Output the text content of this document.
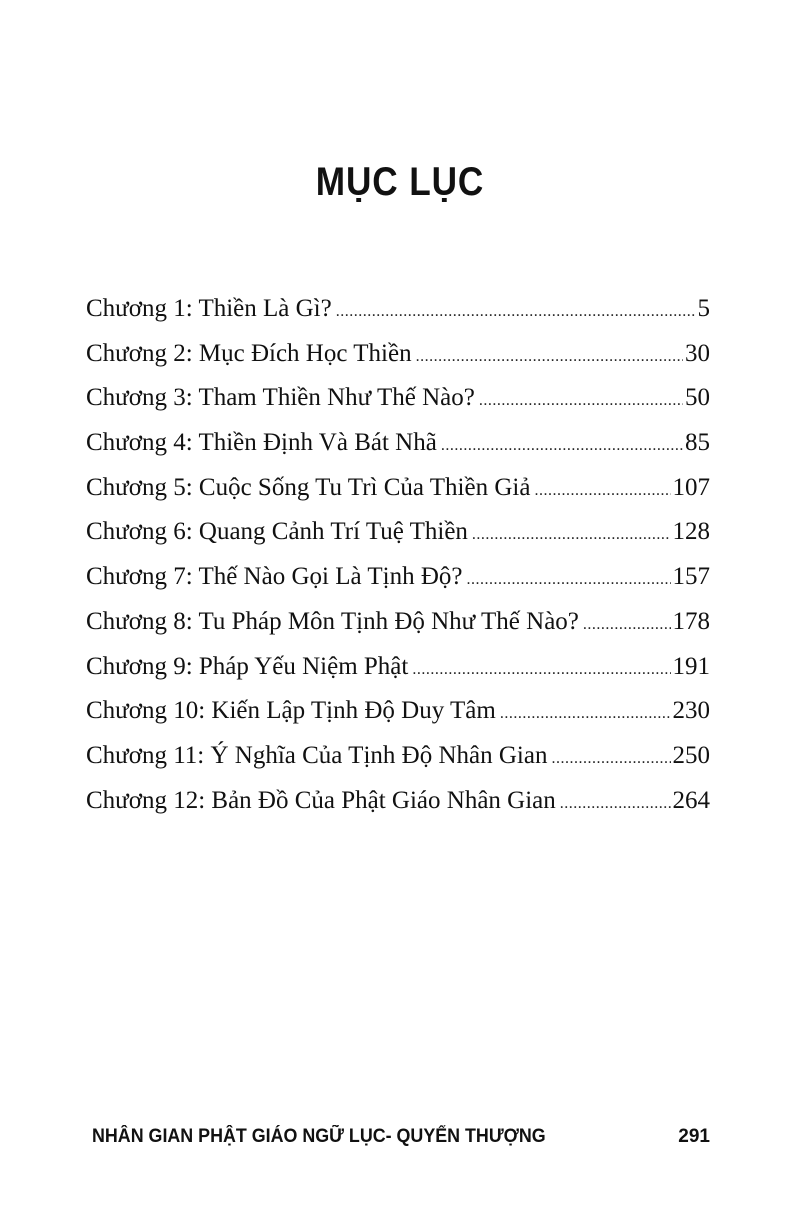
MỤC LỤC
Chương 1: Thiền Là Gì? .....	5
Chương 2: Mục Đích Học Thiền .....	30
Chương 3: Tham Thiền Như Thế Nào? .....	50
Chương 4: Thiền Định Và Bát Nhã .....	85
Chương 5: Cuộc Sống Tu Trì Của Thiền Giả .....	107
Chương 6: Quang Cảnh Trí Tuệ Thiền .....	128
Chương 7: Thế Nào Gọi Là Tịnh Độ? .....	157
Chương 8: Tu Pháp Môn Tịnh Độ Như Thế Nào? .....	178
Chương 9: Pháp Yếu Niệm Phật .....	191
Chương 10: Kiến Lập Tịnh Độ Duy Tâm .....	230
Chương 11: Ý Nghĩa Của Tịnh Độ Nhân Gian .....	250
Chương 12: Bản Đồ Của Phật Giáo Nhân Gian .....	264
NHÂN GIAN PHẬT GIÁO NGỮ LỤC- QUYỂN THƯỢNG	291
